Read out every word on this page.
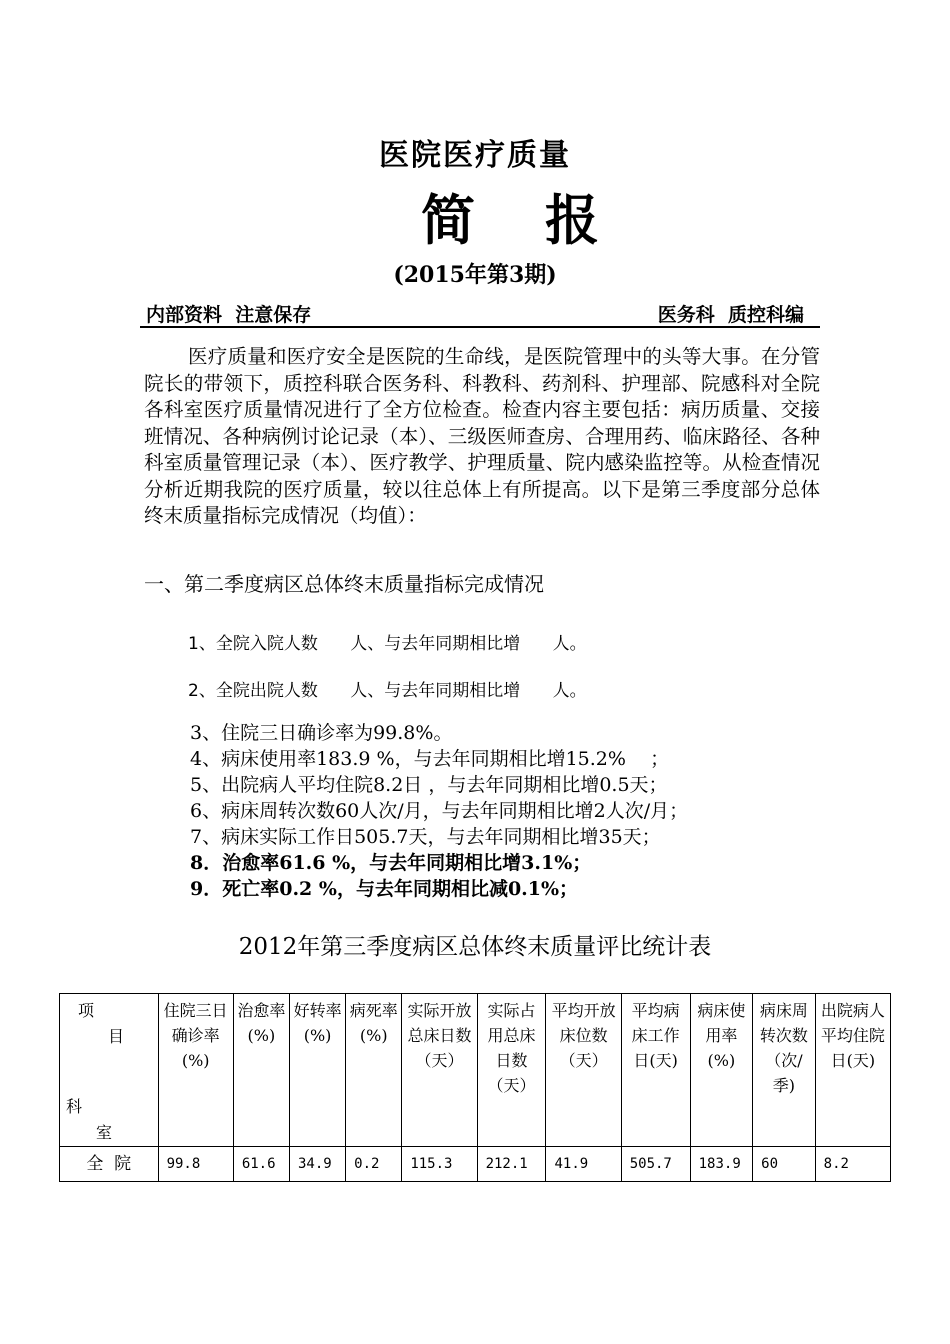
医院医疗质量
简报
(2015年第3期)
内部资料  注意保存	医务科  质控科编
医疗质量和医疗安全是医院的生命线，是医院管理中的头等大事。在分管院长的带领下，质控科联合医务科、科教科、药剂科、护理部、院感科对全院各科室医疗质量情况进行了全方位检查。检查内容主要包括：病历质量、交接班情况、各种病例讨论记录（本）、三级医师查房、合理用药、临床路径、各种科室质量管理记录（本）、医疗教学、护理质量、院内感染监控等。从检查情况分析近期我院的医疗质量，较以往总体上有所提高。以下是第三季度部分总体终末质量指标完成情况（均值）：
一、第二季度病区总体终末质量指标完成情况
1、全院入院人数      人、与去年同期相比增      人。
2、全院出院人数      人、与去年同期相比增      人。
3、住院三日确诊率为99.8%。
4、病床使用率183.9 %，与去年同期相比增15.2%    ；
5、出院病人平均住院8.2日 ，与去年同期相比增0.5天；
6、病床周转次数60人次/月，与去年同期相比增2人次/月；
7、病床实际工作日505.7天，与去年同期相比增35天；
8．治愈率61.6 %，与去年同期相比增3.1%；
9．死亡率0.2 %，与去年同期相比减0.1%；
2012年第三季度病区总体终末质量评比统计表
项
目
科
室	住院三日确诊率(%)	治愈率(%)	好转率(%)	病死率(%)	实际开放总床日数（天）	实际占用总床日数（天）	平均开放床位数（天）	平均病床工作日(天)	病床使用率(%)	病床周转次数（次/季)	出院病人平均住院日(天)
全  院	99.8	61.6	34.9	0.2	115.3	212.1	41.9	505.7	183.9	60	8.2
